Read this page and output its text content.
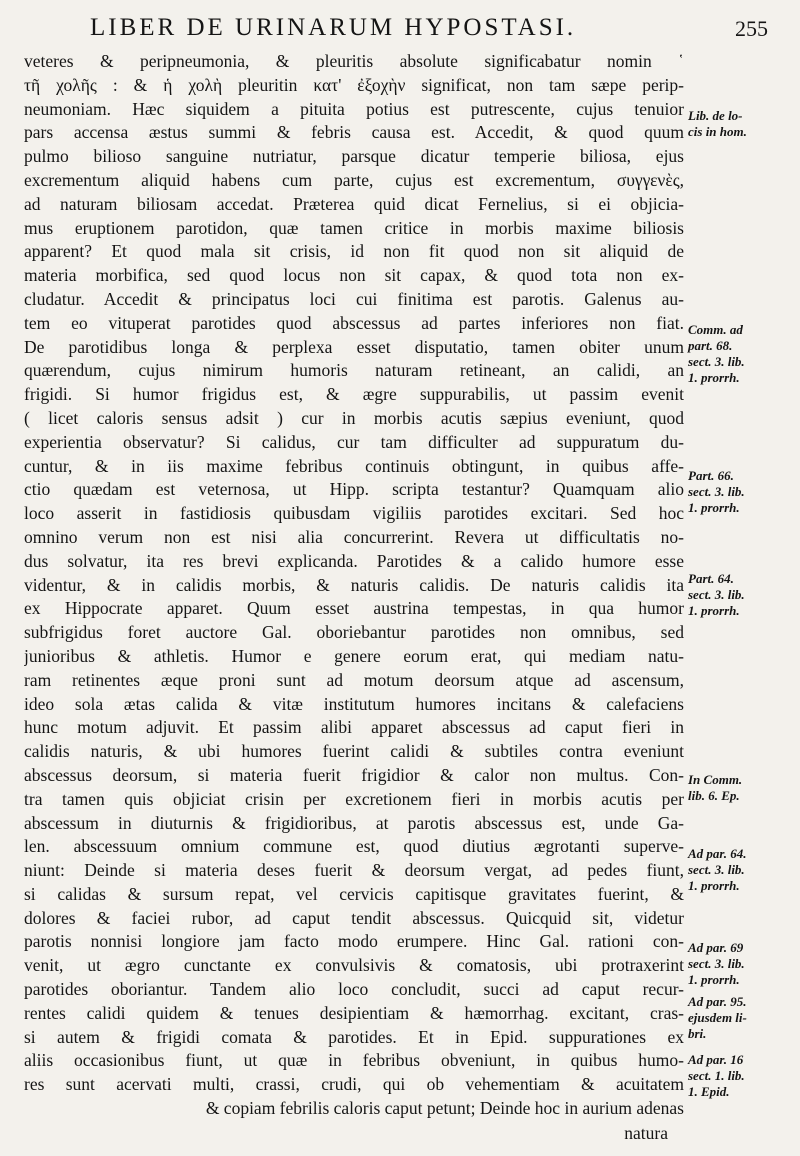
LIBER DE URINARUM HYPOSTASI.	255
veteres & peripneumonia, & pleuritis absolute significabatur nomin ῾
τῆ χολῆς : & ἡ χολὴ pleuritin κατ' ἐξοχὴν significat, non tam sæpe perip-
neumoniam. Hæc siquidem a pituita potius est putrescente, cujus tenuior
pars accensa æstus summi & febris causa est. Accedit, & quod quum
pulmo bilioso sanguine nutriatur, parsque dicatur temperie biliosa, ejus
excrementum aliquid habens cum parte, cujus est excrementum, συγγενὲς,
ad naturam biliosam accedat. Præterea quid dicat Fernelius, si ei objicia-
mus eruptionem parotidon, quæ tamen critice in morbis maxime biliosis
apparent? Et quod mala sit crisis, id non fit quod non sit aliquid de
materia morbifica, sed quod locus non sit capax, & quod tota non ex-
cludatur. Accedit & principatus loci cui finitima est parotis. Galenus au-
tem eo vituperat parotides quod abscessus ad partes inferiores non fiat.
De parotidibus longa & perplexa esset disputatio, tamen obiter unum
quærendum, cujus nimirum humoris naturam retineant, an calidi, an
frigidi. Si humor frigidus est, & ægre suppurabilis, ut passim evenit
( licet caloris sensus adsit ) cur in morbis acutis sæpius eveniunt, quod
experientia observatur? Si calidus, cur tam difficulter ad suppuratum du-
cuntur, & in iis maxime febribus continuis obtingunt, in quibus affe-
ctio quædam est veternosa, ut Hipp. scripta testantur? Quamquam alio
loco asserit in fastidiosis quibusdam vigiliis parotides excitari. Sed hoc
omnino verum non est nisi alia concurrerint. Revera ut difficultatis no-
dus solvatur, ita res brevi explicanda. Parotides & a calido humore esse
videntur, & in calidis morbis, & naturis calidis. De naturis calidis ita
ex Hippocrate apparet. Quum esset austrina tempestas, in qua humor
subfrigidus foret auctore Gal. oboriebantur parotides non omnibus, sed
junioribus & athletis. Humor e genere eorum erat, qui mediam natu-
ram retinentes æque proni sunt ad motum deorsum atque ad ascensum,
ideo sola ætas calida & vitæ institutum humores incitans & calefaciens
hunc motum adjuvit. Et passim alibi apparet abscessus ad caput fieri in
calidis naturis, & ubi humores fuerint calidi & subtiles contra eveniunt
abscessus deorsum, si materia fuerit frigidior & calor non multus. Con-
tra tamen quis objiciat crisin per excretionem fieri in morbis acutis per
abscessum in diuturnis & frigidioribus, at parotis abscessus est, unde Ga-
len. abscessuum omnium commune est, quod diutius ægrotanti superve-
niunt: Deinde si materia deses fuerit & deorsum vergat, ad pedes fiunt,
si calidas & sursum repat, vel cervicis capitisque gravitates fuerint, &
dolores & faciei rubor, ad caput tendit abscessus. Quicquid sit, videtur
parotis nonnisi longiore jam facto modo erumpere. Hinc Gal. rationi con-
venit, ut ægro cunctante ex convulsivis & comatosis, ubi protraxerint
parotides oboriantur. Tandem alio loco concludit, succi ad caput recur-
rentes calidi quidem & tenues desipientiam & hæmorrhag. excitant, cras-
si autem & frigidi comata & parotides. Et in Epid. suppurationes ex
aliis occasionibus fiunt, ut quæ in febribus obveniunt, in quibus humo-
res sunt acervati multi, crassi, crudi, qui ob vehementiam & acuitatem
& copiam febrilis caloris caput petunt; Deinde hoc in aurium adenas
Lib. de lo-
cis in hom.
Comm. ad
part. 68.
sect. 3. lib.
1. prorrh.
Part. 66.
sect. 3. lib.
1. prorrh.
Part. 64.
sect. 3. lib.
1. prorrh.
In Comm.
lib. 6. Ep.
Ad par. 64.
sect. 3. lib.
1. prorrh.
Ad par. 69
sect. 3. lib.
1. prorrh.
Ad par. 95.
ejusdem li-
bri.
Ad par. 16
sect. 1. lib.
1. Epid.
natura
